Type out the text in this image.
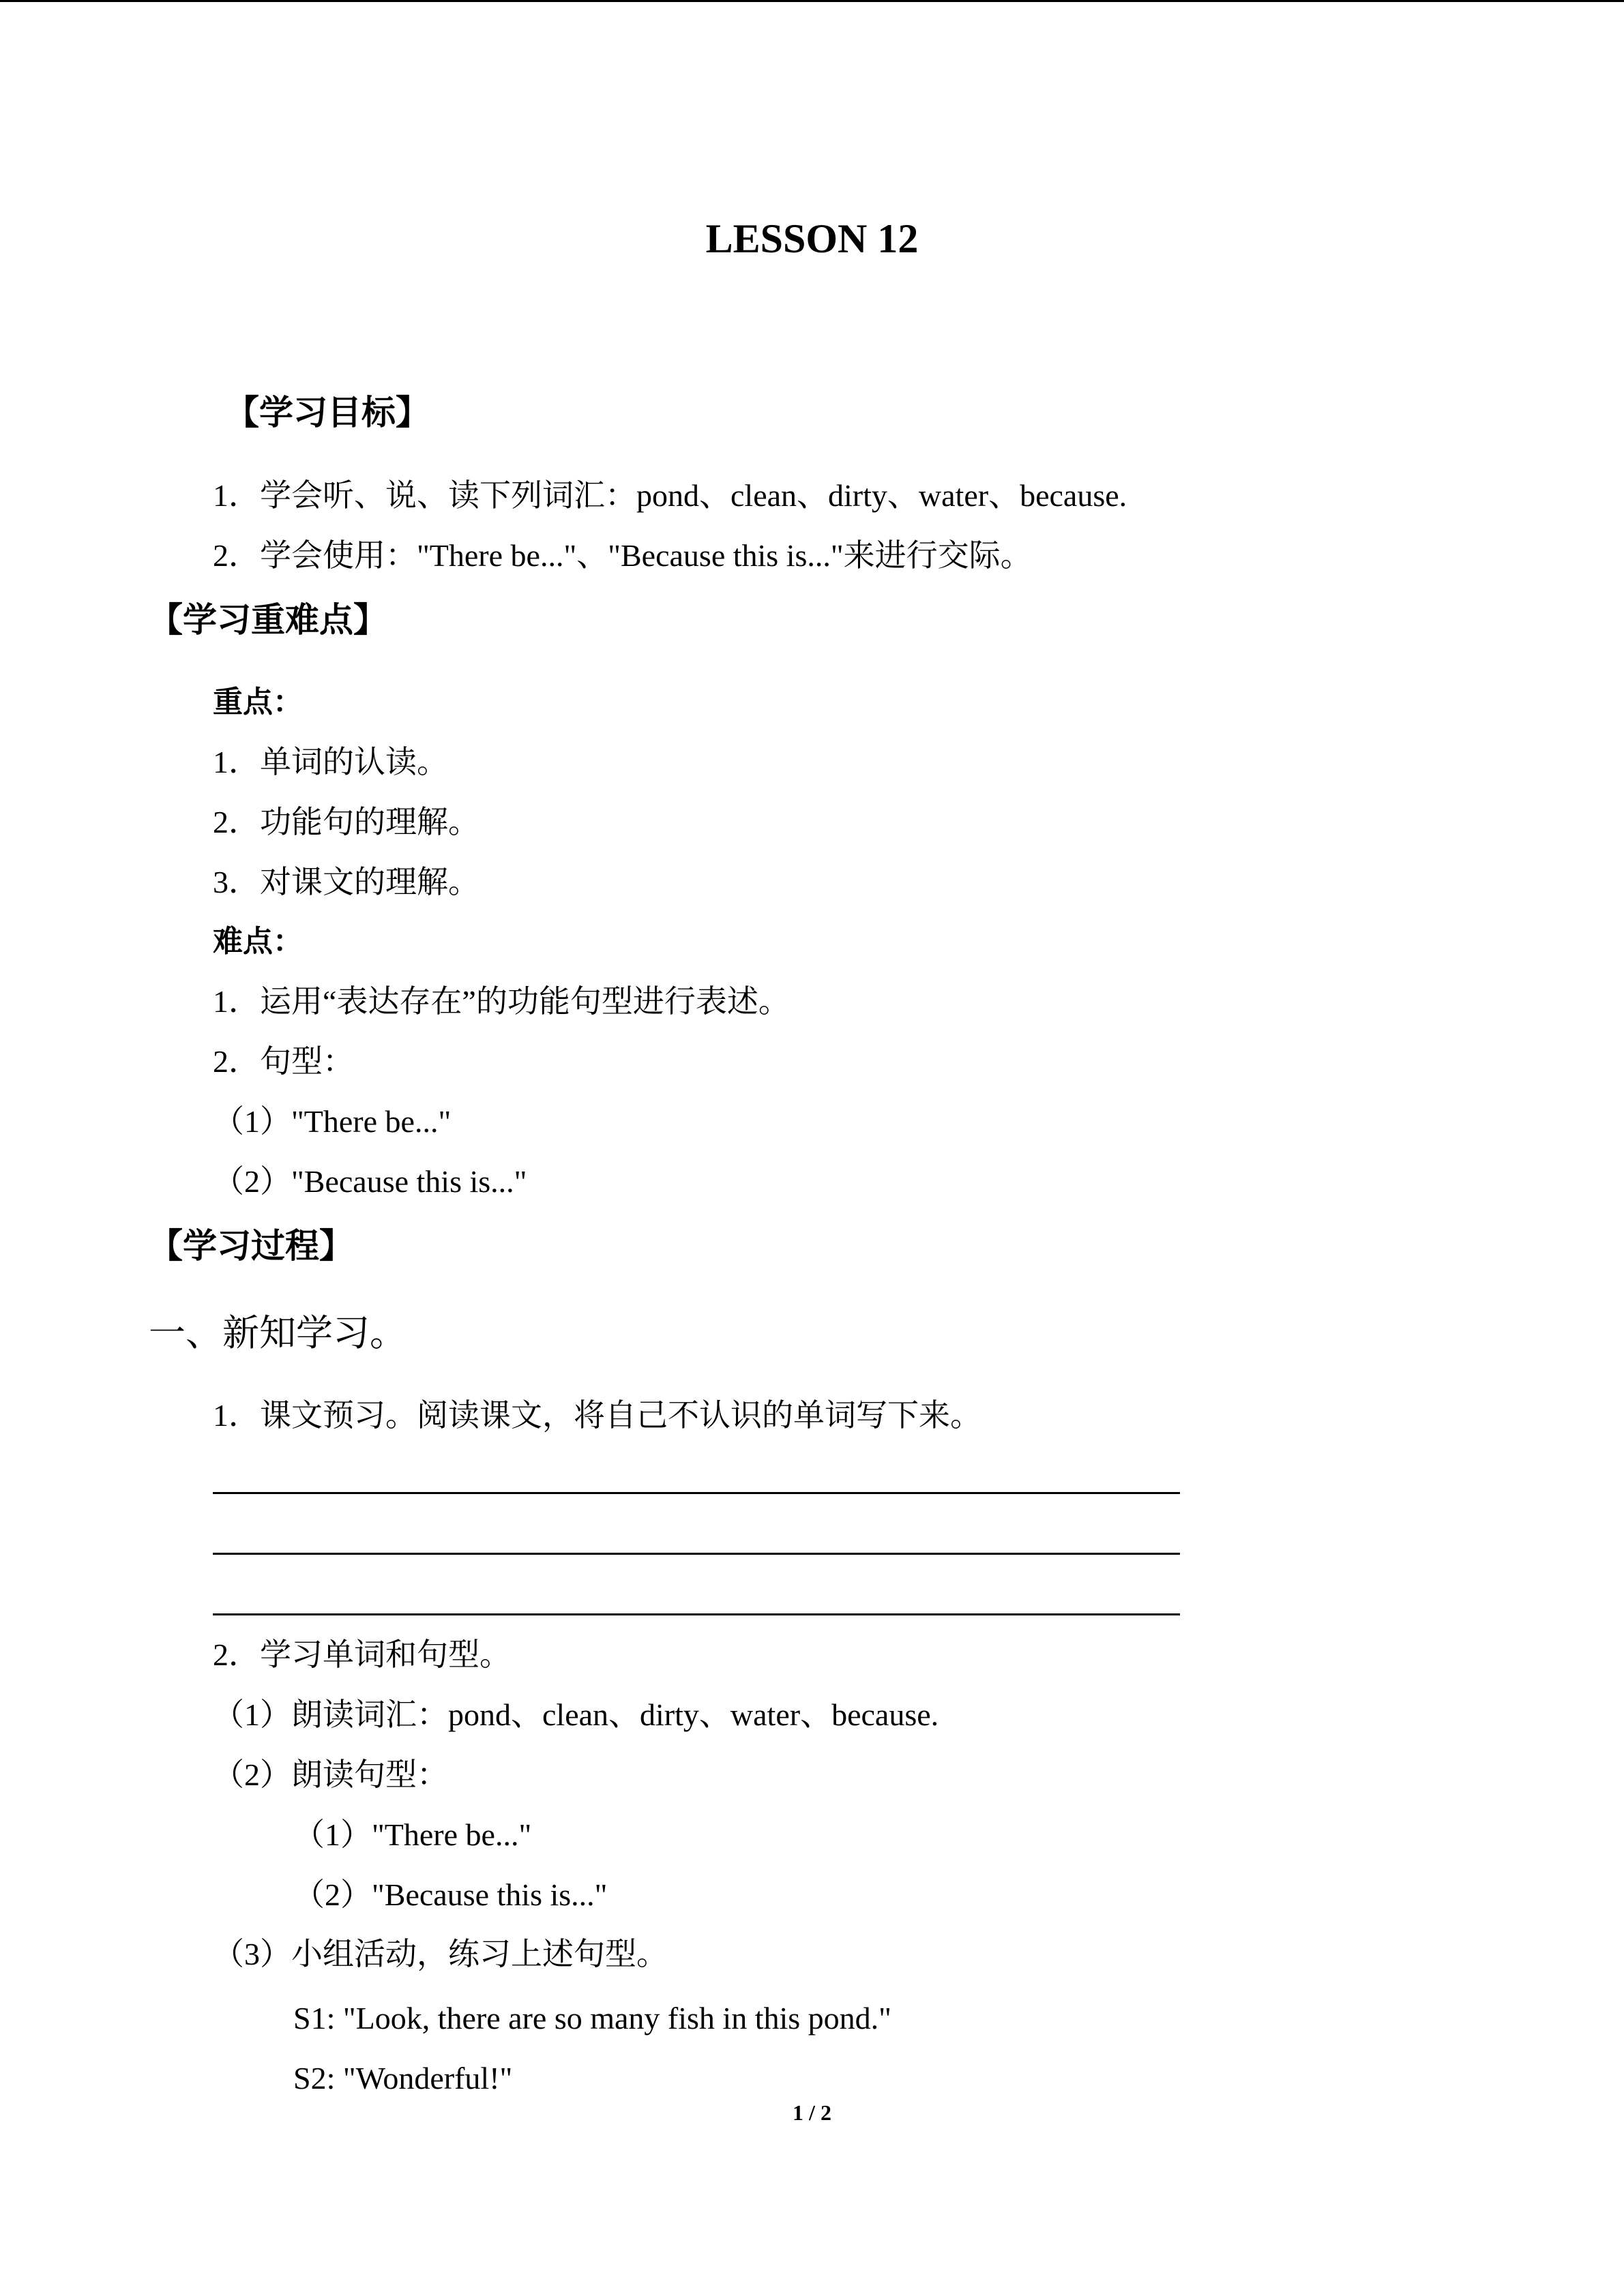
LESSON 12
【学习目标】
1．学会听、说、读下列词汇：pond、clean、dirty、water、because.
2．学会使用："There be..."、"Because this is..."来进行交际。
【学习重难点】
重点：
1．单词的认读。
2．功能句的理解。
3．对课文的理解。
难点：
1．运用“表达存在”的功能句型进行表述。
2．句型：
（1）"There be..."
（2）"Because this is..."
【学习过程】
一、新知学习。
1．课文预习。阅读课文，将自己不认识的单词写下来。
2．学习单词和句型。
（1）朗读词汇：pond、clean、dirty、water、because.
（2）朗读句型：
（1）"There be..."
（2）"Because this is..."
（3）小组活动，练习上述句型。
S1: "Look, there are so many fish in this pond."
S2: "Wonderful!"
1 / 2
